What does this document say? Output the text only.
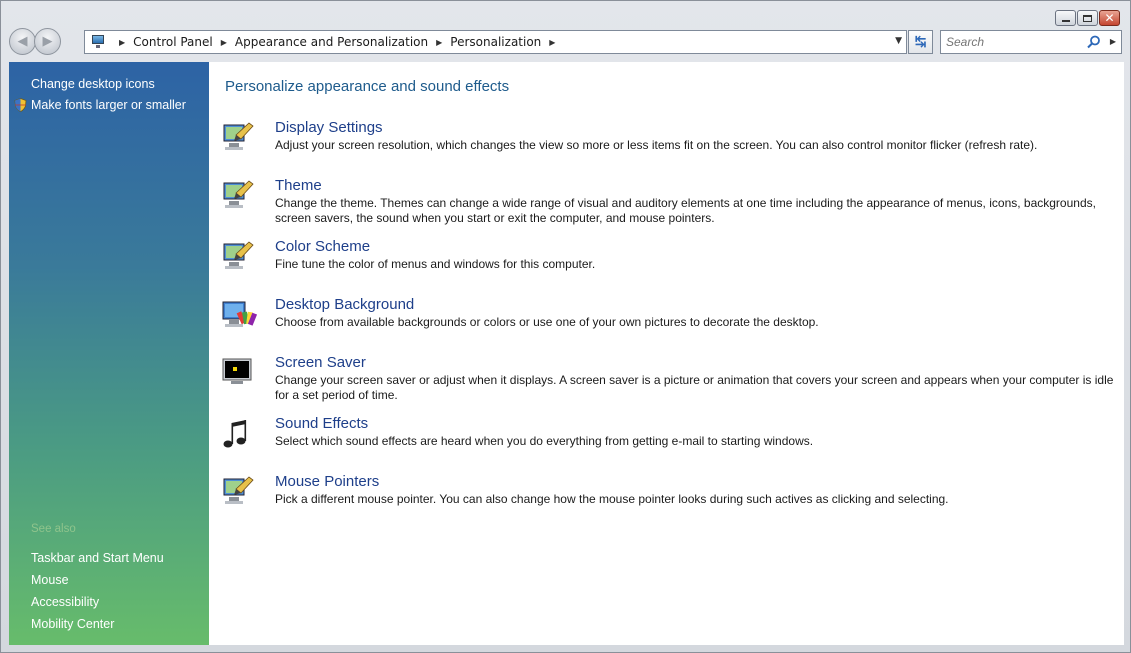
✕
◀ ▶	▶ Control Panel ▶ Appearance and Personalization ▶ Personalization ▶	▼ ↹
Search	▶
Change desktop icons
Make fonts larger or smaller
See also
Taskbar and Start Menu
Mouse
Accessibility
Mobility Center
Personalize appearance and sound effects
Display Settings
Adjust your screen resolution, which changes the view so more or less items fit on the screen. You can also control monitor flicker (refresh rate).
Theme
Change the theme. Themes can change a wide range of visual and auditory elements at one time including the appearance of menus, icons, backgrounds, screen savers, the sound when you start or exit the computer, and mouse pointers.
Color Scheme
Fine tune the color of menus and windows for this computer.
Desktop Background
Choose from available backgrounds or colors or use one of your own pictures to decorate the desktop.
Screen Saver
Change your screen saver or adjust when it displays. A screen saver is a picture or animation that covers your screen and appears when your computer is idle for a set period of time.
Sound Effects
Select which sound effects are heard when you do everything from getting e-mail to starting windows.
Mouse Pointers
Pick a different mouse pointer. You can also change how the mouse pointer looks during such actives as clicking and selecting.
